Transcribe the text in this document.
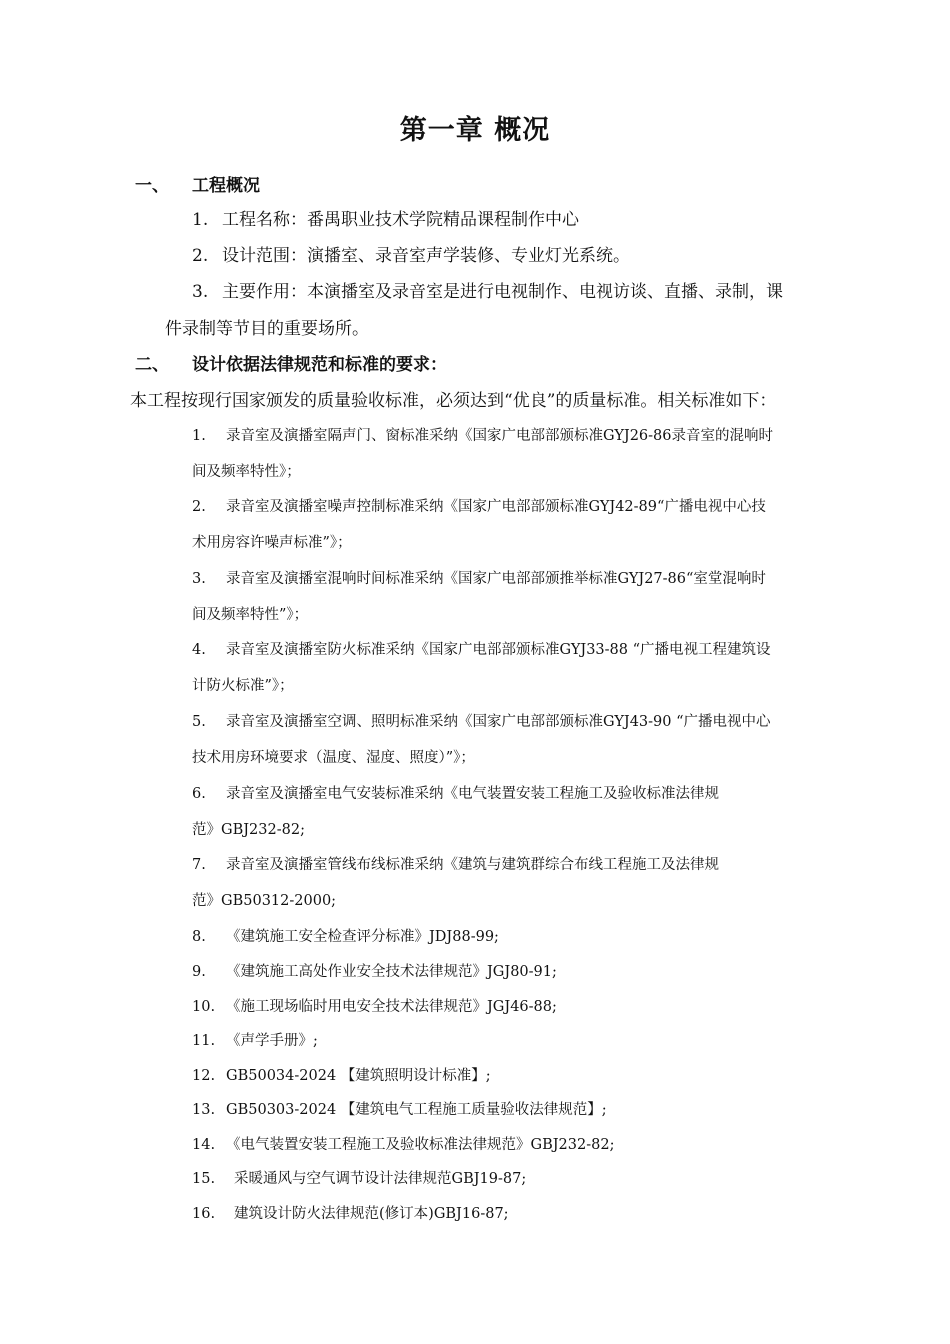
第一章 概况
一、 工程概况
1. 工程名称：番禺职业技术学院精品课程制作中心
2. 设计范围：演播室、录音室声学装修、专业灯光系统。
3. 主要作用：本演播室及录音室是进行电视制作、电视访谈、直播、录制，课
件录制等节目的重要场所。
二、 设计依据法律规范和标准的要求：
本工程按现行国家颁发的质量验收标准，必须达到“优良”的质量标准。相关标准如下：
1. 录音室及演播室隔声门、窗标准采纳《国家广电部部颁标准GYJ26-86录音室的混响时
间及频率特性》；
2. 录音室及演播室噪声控制标准采纳《国家广电部部颁标准GYJ42-89“广播电视中心技
术用房容许噪声标准”》；
3. 录音室及演播室混响时间标准采纳《国家广电部部颁推举标准GYJ27-86“室堂混响时
间及频率特性”》；
4. 录音室及演播室防火标准采纳《国家广电部部颁标准GYJ33-88 “广播电视工程建筑设
计防火标准”》；
5. 录音室及演播室空调、照明标准采纳《国家广电部部颁标准GYJ43-90 “广播电视中心
技术用房环境要求（温度、湿度、照度）”》；
6. 录音室及演播室电气安装标准采纳《电气装置安装工程施工及验收标准法律规
范》GBJ232-82;
7. 录音室及演播室管线布线标准采纳《建筑与建筑群综合布线工程施工及法律规
范》GB50312-2000;
8. 《建筑施工安全检查评分标准》JDJ88-99;
9. 《建筑施工高处作业安全技术法律规范》JGJ80-91;
10. 《施工现场临时用电安全技术法律规范》JGJ46-88;
11. 《声学手册》;
12. GB50034-2024 【建筑照明设计标准】;
13. GB50303-2024 【建筑电气工程施工质量验收法律规范】;
14. 《电气装置安装工程施工及验收标准法律规范》GBJ232-82;
15. 采暖通风与空气调节设计法律规范GBJ19-87;
16. 建筑设计防火法律规范(修订本)GBJ16-87;
